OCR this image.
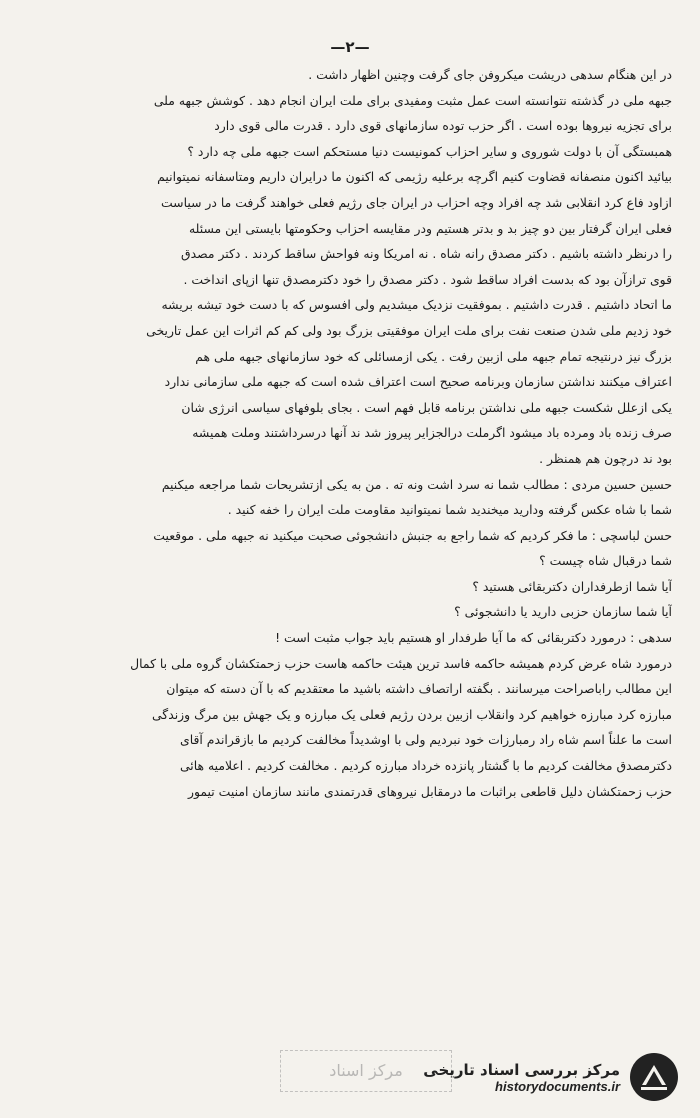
—۲—
در این هنگام سدهی دریشت میکروفن جای گرفت وچنین اظهار داشت .
جبهه ملی در گذشته نتوانسته است عمل مثبت ومفیدی برای ملت ایران انجام دهد . کوشش جبهه ملی
برای تجزیه نیروها بوده است . اگر حزب توده سازمانهای قوی دارد . قدرت مالی قوی دارد
همبستگی آن با دولت شوروی و سایر احزاب کمونیست دنیا مستحکم است جبهه ملی چه دارد ؟
بیائید اکنون منصفانه قضاوت کنیم اگرچه برعلیه رژیمی که اکنون ما درایران داریم ومتاسفانه نمیتوانیم
ازاود فاع کرد انقلابی شد چه افراد وچه احزاب در ایران جای رژیم فعلی خواهند گرفت ما در سیاست
فعلی ایران گرفتار بین دو چیز بد و بدتر هستیم ودر مقایسه احزاب وحکومتها بایستی این مسئله
را درنظر داشته باشیم . دکتر مصدق رانه شاه . نه امریکا ونه فواحش ساقط کردند . دکتر مصدق
قوی ترازآن بود که بدست افراد ساقط شود . دکتر مصدق را خود دکترمصدق تنها ازپای انداخت .
ما اتحاد داشتیم . قدرت داشتیم . بموفقیت نزدیک میشدیم ولی افسوس که با دست خود تیشه بریشه
خود زدیم ملی شدن صنعت نفت برای ملت ایران موفقیتی بزرگ بود ولی کم کم اثرات این عمل تاریخی
بزرگ نیز درنتیجه تمام جبهه ملی ازبین رفت . یکی ازمسائلی که خود سازمانهای جبهه ملی هم
اعتراف میکنند نداشتن سازمان وبرنامه صحیح است اعتراف شده است که جبهه ملی سازمانی ندارد
یکی ازعلل شکست جبهه ملی نداشتن برنامه قابل فهم است . بجای بلوفهای سیاسی انرژی شان
صرف زنده باد ومرده باد میشود اگرملت درالجزایر پیروز شد ند آنها درسرداشتند وملت همیشه
بود ند درچون هم همنظر .
حسین حسین مردی : مطالب شما نه سرد اشت ونه ته . من به یکی ازتشریحات شما مراجعه میکنیم
شما با شاه عکس گرفته ودارید میخندید شما نمیتوانید مقاومت ملت ایران را خفه کنید .
حسن لباسچی : ما فکر کردیم که شما راجع به جنبش دانشجوئی صحبت میکنید نه جبهه ملی . موقعیت
شما درقبال شاه چیست ؟
آیا شما ازطرفداران دکتربقائی هستید ؟
آیا شما سازمان حزبی دارید یا دانشجوئی ؟
سدهی : درمورد دکتربقائی که ما آیا طرفدار او هستیم باید جواب مثبت است !
درمورد شاه عرض کردم همیشه حاکمه فاسد ترین هیئت حاکمه هاست حزب زحمتکشان گروه ملی با کمال
این مطالب راباصراحت میرسانند . بگفته اراتصاف داشته باشید ما معتقدیم که با آن دسته که میتوان
مبارزه کرد مبارزه خواهیم کرد وانقلاب ازبین بردن رژیم فعلی یک مبارزه و یک جهش بین مرگ وزندگی
است ما علناً اسم شاه راد رمبارزات خود نبردیم ولی با اوشدیداً مخالفت کردیم ما بازقراندم آقای
دکترمصدق مخالفت کردیم ما با گشتار پانزده خرداد مبارزه کردیم . مخالفت کردیم . اعلامیه هائی
حزب زحمتکشان دلیل قاطعی براثبات ما درمقابل نیروهای قدرتمندی مانند سازمان امنیت تیمور
مرکز اسناد	مرکز بررسی اسناد تاریخی
historydocuments.ir
